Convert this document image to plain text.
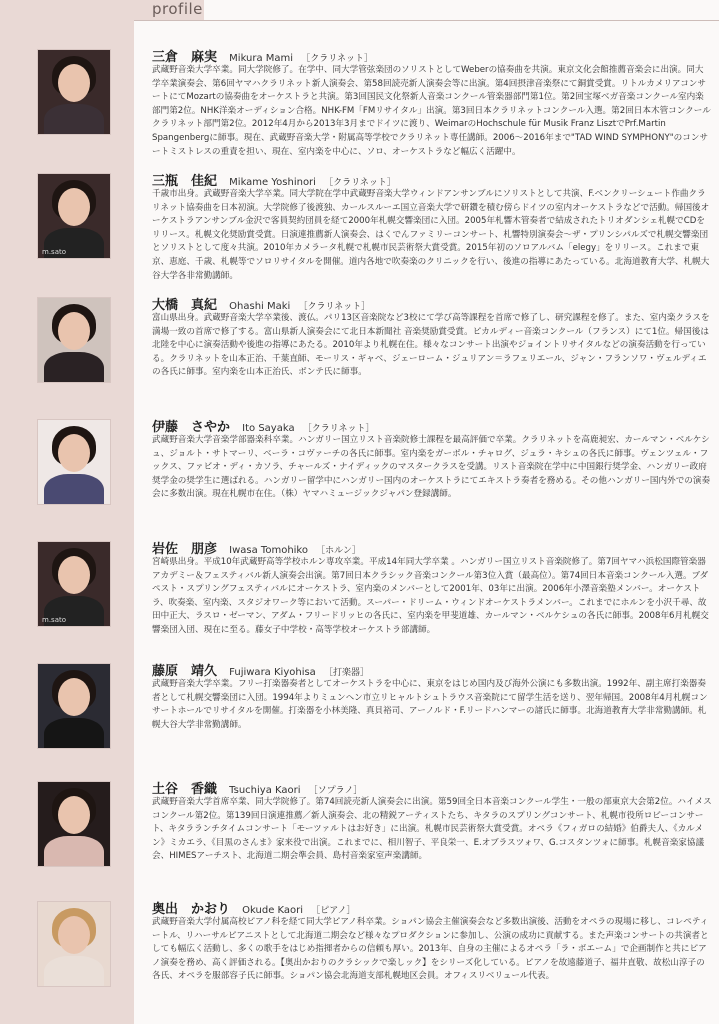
profile
三倉　麻実 Mikura Mami ［クラリネット］
武蔵野音楽大学卒業。同大学院修了。在学中、同大学管弦楽団のソリストとしてWeberの協奏曲を共演。東京文化会館推薦音楽会に出演。同大学卒業演奏会、第6回ヤマハクラリネット新人演奏会、第58回読売新人演奏会等に出演。第4回摂津音楽祭にて銅賞受賞。リトルカメリアコンサートにてMozartの協奏曲をオーケストラと共演。第3回国民文化祭新人音楽コンクール管楽器部門第1位。第2回宝塚ベガ音楽コンクール室内楽部門第2位。NHK洋楽オーディション合格。NHK-FM「FMリサイタル」出演。第3回日本クラリネットコンクール入選。第2回日本木管コンクールクラリネット部門第2位。2012年4月から2013年3月までドイツに渡り、WeimarのHochschule für Musik Franz LisztでPrf.Martin Spangenbergに師事。現在、武蔵野音楽大学・附属高等学校でクラリネット専任講師。2006～2016年まで"TAD WIND SYMPHONY"のコンサートミストレスの重責を担い、現在、室内楽を中心に、ソロ、オーケストラなど幅広く活躍中。
m.sato
三瓶　佳紀 Mikame Yoshinori ［クラリネット］
千歳市出身。武蔵野音楽大学卒業。同大学院在学中武蔵野音楽大学ウィンドアンサンブルにソリストとして共演、F.ベンクリーシュート作曲クラリネット協奏曲を日本初演。大学院修了後渡独、カールスルーエ国立音楽大学で研鑽を積む傍らドイツの室内オーケストラなどで活動。帰国後オーケストラアンサンブル金沢で客員契約団員を経て2000年札幌交響楽団に入団。2005年札響木管奏者で結成されたトリオダンシェ札幌でCDをリリース。札幌文化奨励賞受賞。日演連推薦新人演奏会、はくでんファミリーコンサート、札響特別演奏会～ザ・プリンシパルズで札幌交響楽団とソリストとして度々共演。2010年カメラータ札幌で札幌市民芸術祭大賞受賞。2015年初のソロアルバム「elegy」をリリース。これまで東京、恵庭、千歳、札幌等でソロリサイタルを開催。道内各地で吹奏楽のクリニックを行い、後進の指導にあたっている。北海道教育大学、札幌大谷大学各非常勤講師。
大橋　真紀 Ohashi Maki ［クラリネット］
富山県出身。武蔵野音楽大学卒業後、渡仏。パリ13区音楽院など3校にて学び高等課程を首席で修了し、研究課程を修了。また、室内楽クラスを満場一致の首席で修了する。富山県新人演奏会にて北日本新聞社 音楽奨励賞受賞。ピカルディー音楽コンクール（フランス）にて1位。帰国後は北陸を中心に演奏活動や後進の指導にあたる。2010年より札幌在住。様々なコンサート出演やジョイントリサイタルなどの演奏活動を行っている。クラリネットを山本正治、千葉直師、モーリス・ギャベ、ジェーローム・ジュリアン＝ラフェリエール、ジャン・フランソワ・ヴェルディエの各氏に師事。室内楽を山本正治氏、ボンテ氏に師事。
伊藤　さやか Ito Sayaka ［クラリネット］
武蔵野音楽大学音楽学部器楽科卒業。ハンガリー国立リスト音楽院修士課程を最高評価で卒業。クラリネットを高鹿昶宏、カールマン・ベルケシュ、ジョルト・サトマーリ、ベーラ・コヴァーチの各氏に師事。室内楽をガーボル・チャログ、ジュラ・キシュの各氏に師事。ヴェンツェル・フックス、ファビオ・ディ・カソラ、チャールズ・ナイディックのマスタークラスを受講。リスト音楽院在学中に中国銀行奨学金、ハンガリー政府奨学金の奨学生に選ばれる。ハンガリー留学中にハンガリー国内のオーケストラにてエキストラ奏者を務める。その他ハンガリー国内外での演奏会に多数出演。現在札幌市在住。（株）ヤマハミュージックジャパン登録講師。
m.sato
岩佐　朋彦 Iwasa Tomohiko ［ホルン］
宮崎県出身。平成10年武蔵野高等学校ホルン専攻卒業。平成14年同大学卒業 。ハンガリー国立リスト音楽院修了。第7回ヤマハ浜松国際管楽器アカデミー＆フェスティバル新人演奏会出演。第7回日本クラシック音楽コンクール第3位入賞（最高位）。第74回日本音楽コンクール入選。ブダペスト・スプリングフェスティバルにオーケストラ、室内楽のメンバーとして2001年、03年に出演。2006年小澤音楽塾メンバー。オーケストラ、吹奏楽、室内楽、スタジオワーク等において活動。スーパー・ドリーム・ウィンドオーケストラメンバー。これまでにホルンを小沢千尋、故田中正大、ラスロ・ゼーマン、アダム・フリードリッヒの各氏に、室内楽を甲斐道雄、カールマン・ベルケシュの各氏に師事。2008年6月札幌交響楽団入団、現在に至る。藤女子中学校・高等学校オーケストラ部講師。
藤原　靖久 Fujiwara Kiyohisa ［打楽器］
武蔵野音楽大学卒業。フリー打楽器奏者としてオーケストラを中心に、東京をはじめ国内及び海外公演にも多数出演。1992年、副主席打楽器奏者として札幌交響楽団に入団。1994年よりミュンヘン市立リヒャルトシュトラウス音楽院にて留学生活を送り、翌年帰国。2008年4月札幌コンサートホールでリサイタルを開催。打楽器を小林美隆、真貝裕司、アーノルド・F.リードハンマーの諸氏に師事。北海道教育大学非常勤講師。札幌大谷大学非常勤講師。
土谷　香織 Tsuchiya Kaori ［ソプラノ］
武蔵野音楽大学首席卒業、同大学院修了。第74回読売新人演奏会に出演。第59回全日本音楽コンクール学生・一般の部東京大会第2位。ハイメスコンクール第2位。第139回日演連推薦／新人演奏会、北の精鋭アーティストたち、キタラのスプリングコンサート、札幌市役所ロビーコンサート、キタラランチタイムコンサート「モーツァルトはお好き」に出演。札幌市民芸術祭大賞受賞。オペラ《フィガロの結婚》伯爵夫人、《カルメン》ミカエラ、《目黒のさんま》家来役で出演。これまでに、相川智子、平良栄一、E.オブラスツォワ、G.コスタンツォに師事。札幌音楽家協議会、HIMESアーチスト、北海道二期会準会員、島村音楽家室声楽講師。
奥出　かおり Okude Kaori ［ピアノ］
武蔵野音楽大学付属高校ピアノ科を経て同大学ピアノ科卒業。ショパン協会主催演奏会など多数出演後、活動をオペラの現場に移し、コレペティートル、リハーサルピアニストとして北海道二期会など様々なプロダクションに参加し、公演の成功に貢献する。また声楽コンサートの共演者としても幅広く活動し、多くの歌手をはじめ指揮者からの信頼も厚い。2013年、自身の主催によるオペラ「ラ・ボエーム」で企画制作と共にピアノ演奏を務め、高く評価される。【奥出かおりのクラシックで楽しック】をシリーズ化している。ピアノを故遠藤道子、福井直敬、故松山淳子の各氏、オペラを服部容子氏に師事。ショパン協会北海道支部札幌地区会員。オフィスリベリュール代表。
